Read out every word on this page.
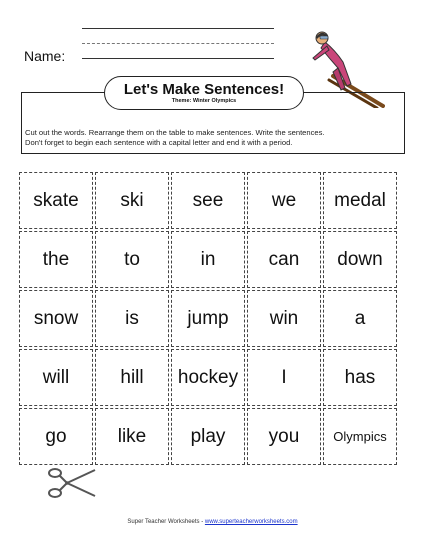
Name:
Let's Make Sentences!
Theme: Winter Olympics
Cut out the words. Rearrange them on the table to make sentences. Write the sentences.
Don't forget to begin each sentence with a capital letter and end it with a period.
skate	ski	see	we	medal
the	to	in	can	down
snow	is	jump	win	a
will	hill	hockey	I	has
go	like	play	you	Olympics
Super Teacher Worksheets - www.superteacherworksheets.com
